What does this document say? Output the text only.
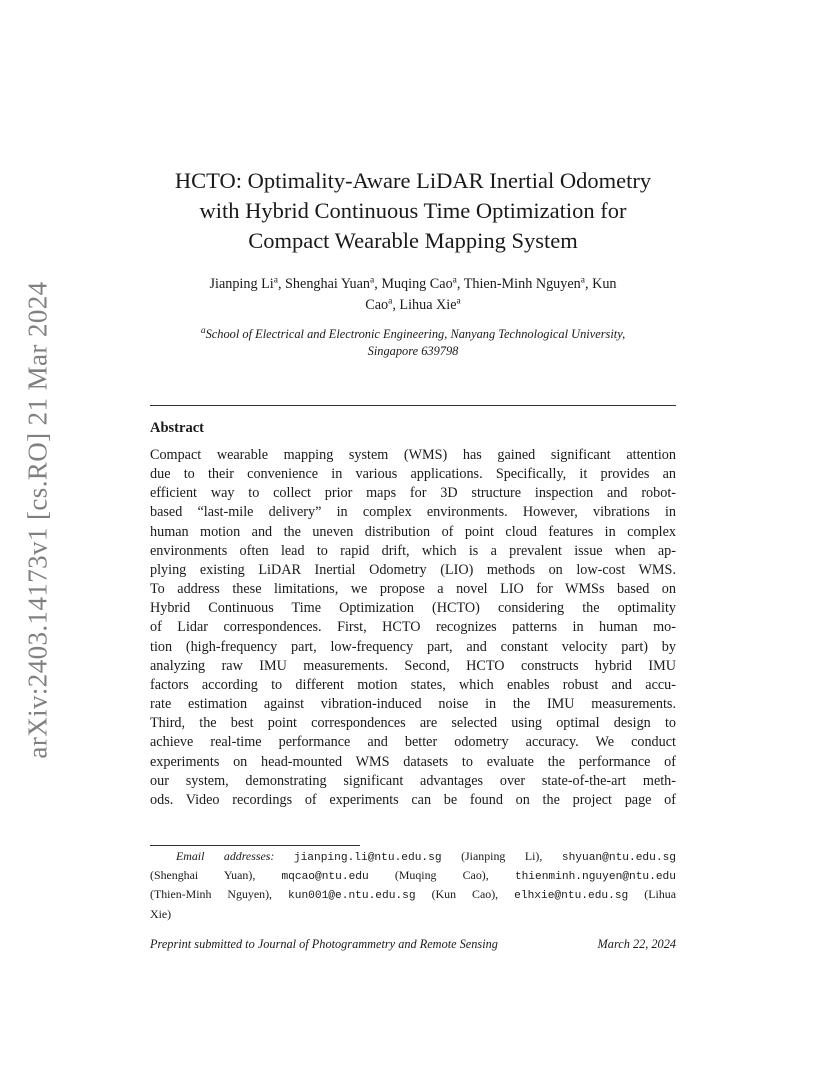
arXiv:2403.14173v1 [cs.RO] 21 Mar 2024
HCTO: Optimality-Aware LiDAR Inertial Odometry
with Hybrid Continuous Time Optimization for
Compact Wearable Mapping System
Jianping Li$^a$, Shenghai Yuan$^a$, Muqing Cao$^a$, Thien-Minh Nguyen$^a$, Kun
Cao$^a$, Lihua Xie$^a$
$^a$School of Electrical and Electronic Engineering, Nanyang Technological University,
Singapore 639798
Abstract
Compact wearable mapping system (WMS) has gained significant attention
due to their convenience in various applications. Specifically, it provides an
efficient way to collect prior maps for 3D structure inspection and robot-
based “last-mile delivery” in complex environments. However, vibrations in
human motion and the uneven distribution of point cloud features in complex
environments often lead to rapid drift, which is a prevalent issue when ap-
plying existing LiDAR Inertial Odometry (LIO) methods on low-cost WMS.
To address these limitations, we propose a novel LIO for WMSs based on
Hybrid Continuous Time Optimization (HCTO) considering the optimality
of Lidar correspondences. First, HCTO recognizes patterns in human mo-
tion (high-frequency part, low-frequency part, and constant velocity part) by
analyzing raw IMU measurements. Second, HCTO constructs hybrid IMU
factors according to different motion states, which enables robust and accu-
rate estimation against vibration-induced noise in the IMU measurements.
Third, the best point correspondences are selected using optimal design to
achieve real-time performance and better odometry accuracy. We conduct
experiments on head-mounted WMS datasets to evaluate the performance of
our system, demonstrating significant advantages over state-of-the-art meth-
ods. Video recordings of experiments can be found on the project page of
Email addresses: jianping.li@ntu.edu.sg (Jianping Li), shyuan@ntu.edu.sg
(Shenghai Yuan), mqcao@ntu.edu (Muqing Cao), thienminh.nguyen@ntu.edu
(Thien-Minh Nguyen), kun001@e.ntu.edu.sg (Kun Cao), elhxie@ntu.edu.sg (Lihua
Xie)
Preprint submitted to Journal of Photogrammetry and Remote Sensing	March 22, 2024
